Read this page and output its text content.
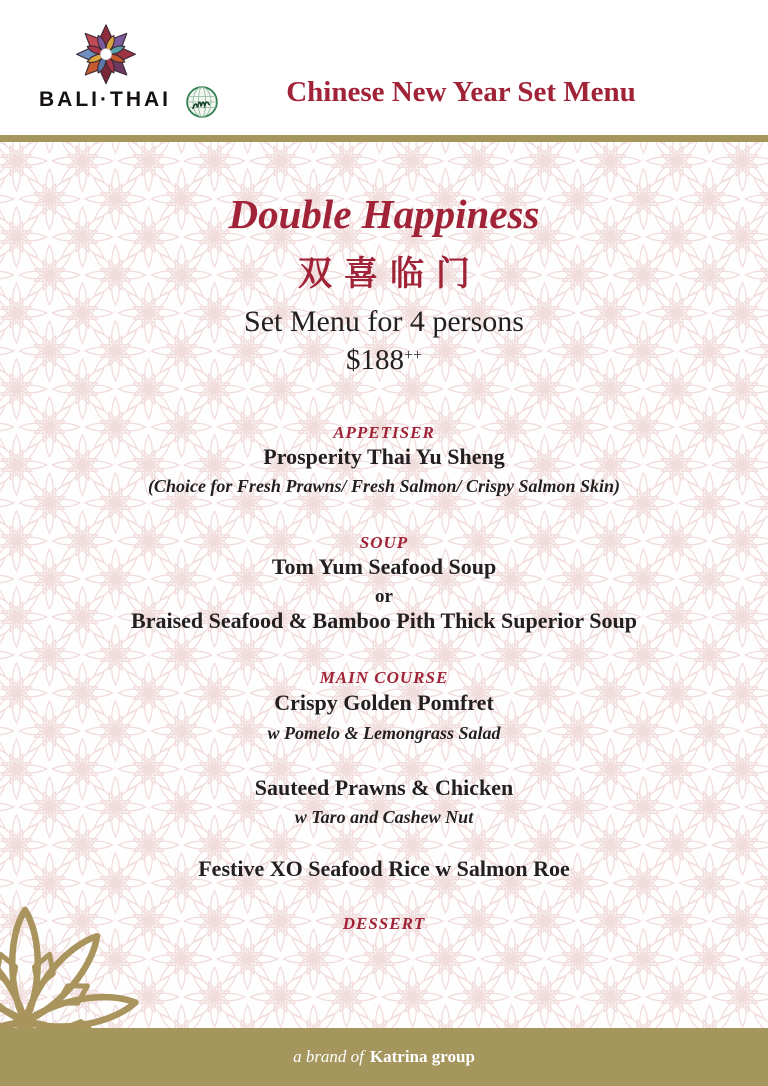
BALI·THAI	Chinese New Year Set Menu
Double Happiness
双喜临门
Set Menu for 4 persons
$188++
APPETISER
Prosperity Thai Yu Sheng
(Choice for Fresh Prawns/ Fresh Salmon/ Crispy Salmon Skin)
SOUP
Tom Yum Seafood Soup
or
Braised Seafood & Bamboo Pith Thick Superior Soup
MAIN COURSE
Crispy Golden Pomfret
w Pomelo & Lemongrass Salad
Sauteed Prawns & Chicken
w Taro and Cashew Nut
Festive XO Seafood Rice w Salmon Roe
DESSERT
a brand of Katrina group
